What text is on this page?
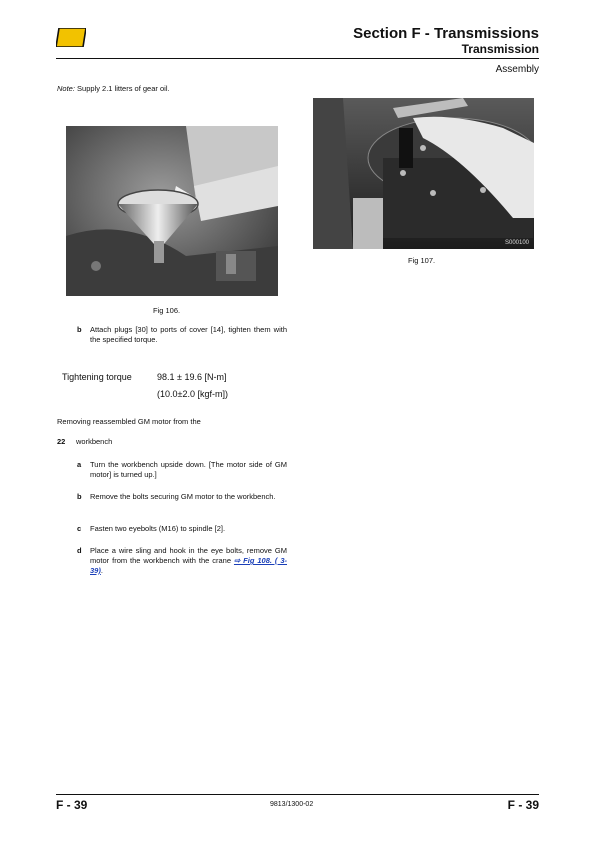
Section F - Transmissions
Transmission
Assembly
Note: Supply 2.1 litters of gear oil.
Fig 106.
S000100
Fig 107.
b Attach plugs [30] to ports of cover [14], tighten them with the specified torque.
Tightening torque	98.1 ± 19.6 [N-m]
(10.0±2.0 [kgf-m])
Removing reassembled GM motor from the
22 workbench
a Turn the workbench upside down. [The motor side of GM motor] is turned up.]
b Remove the bolts securing GM motor to the workbench.
c Fasten two eyebolts (M16) to spindle [2].
d Place a wire sling and hook in the eye bolts, remove GM motor from the workbench with the crane ⇨ Fig 108. ( 3-39).
F - 39	9813/1300-02	F - 39
